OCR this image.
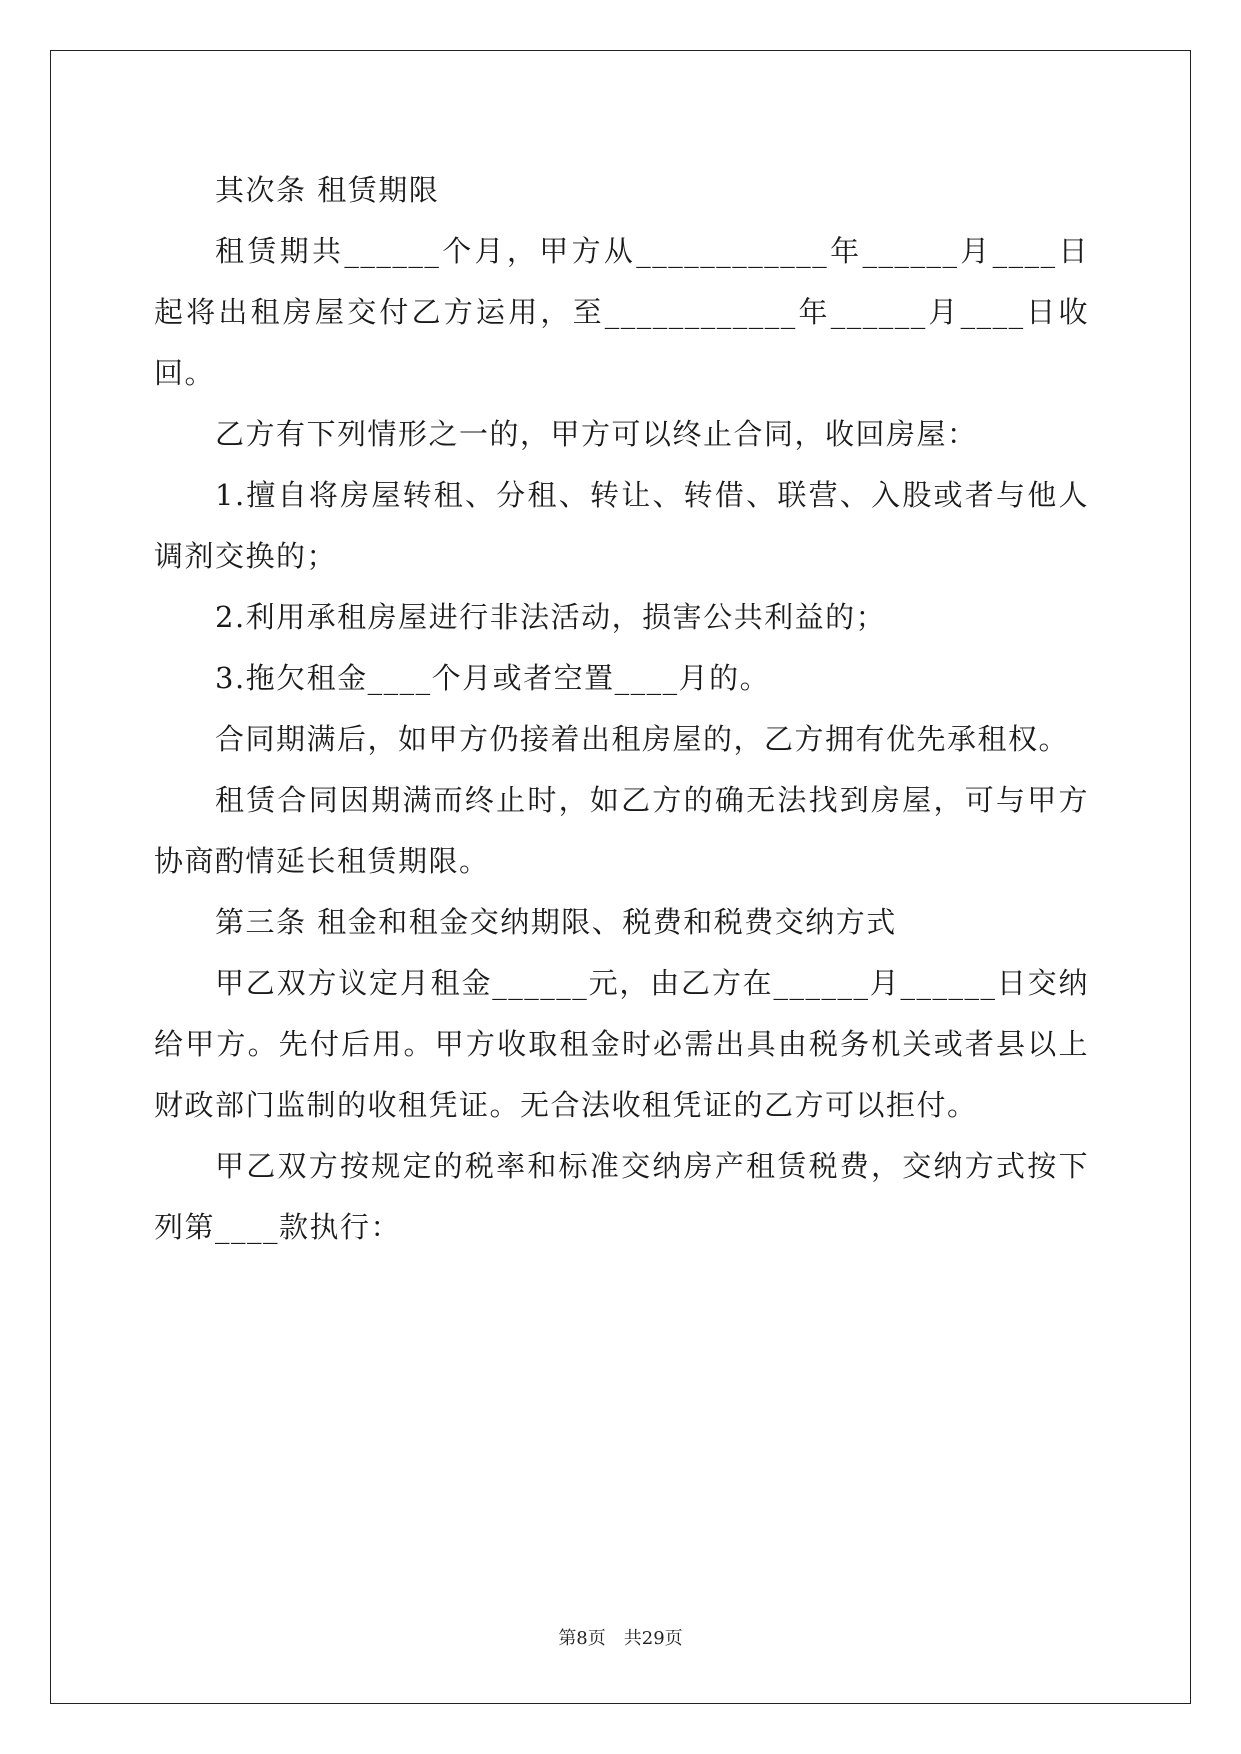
其次条 租赁期限

租赁期共______个月，甲方从____________年______月____日起将出租房屋交付乙方运用，至____________年______月____日收回。

乙方有下列情形之一的，甲方可以终止合同，收回房屋：

1.擅自将房屋转租、分租、转让、转借、联营、入股或者与他人调剂交换的；

2.利用承租房屋进行非法活动，损害公共利益的；

3.拖欠租金____个月或者空置____月的。

合同期满后，如甲方仍接着出租房屋的，乙方拥有优先承租权。

租赁合同因期满而终止时，如乙方的确无法找到房屋，可与甲方协商酌情延长租赁期限。

第三条 租金和租金交纳期限、税费和税费交纳方式

甲乙双方议定月租金______元，由乙方在______月______日交纳给甲方。先付后用。甲方收取租金时必需出具由税务机关或者县以上财政部门监制的收租凭证。无合法收租凭证的乙方可以拒付。

甲乙双方按规定的税率和标准交纳房产租赁税费，交纳方式按下列第____款执行：

第8页 共29页
